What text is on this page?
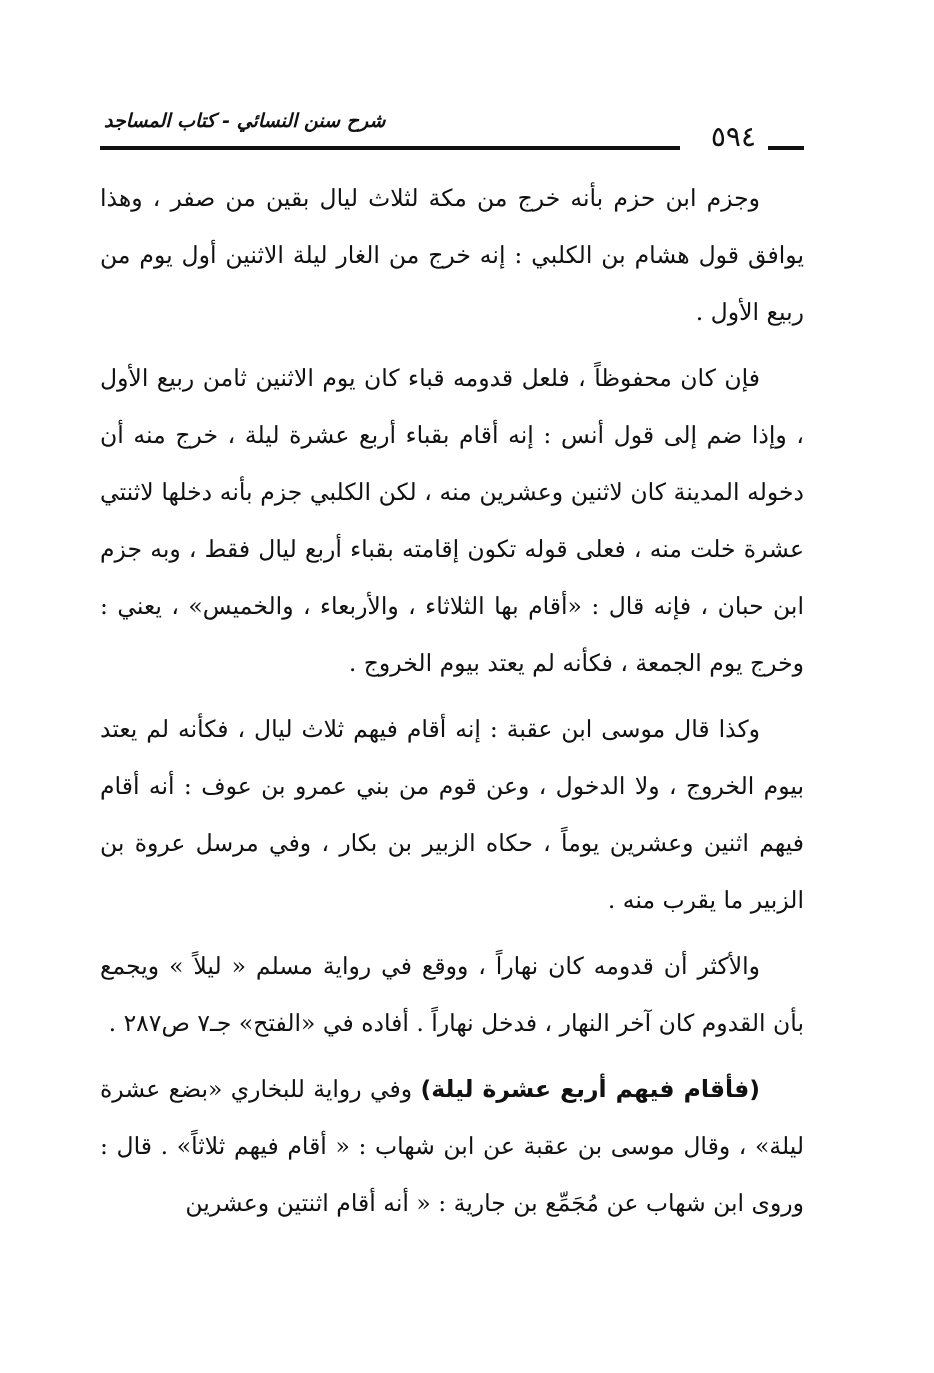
شرح سنن النسائي - كتاب المساجد	٥٩٤

وجزم ابن حزم بأنه خرج من مكة لثلاث ليال بقين من صفر ، وهذا يوافق قول هشام بن الكلبي : إنه خرج من الغار ليلة الاثنين أول يوم من ربيع الأول .

فإن كان محفوظاً ، فلعل قدومه قباء كان يوم الاثنين ثامن ربيع الأول ، وإذا ضم إلى قول أنس : إنه أقام بقباء أربع عشرة ليلة ، خرج منه أن دخوله المدينة كان لاثنين وعشرين منه ، لكن الكلبي جزم بأنه دخلها لاثنتي عشرة خلت منه ، فعلى قوله تكون إقامته بقباء أربع ليال فقط ، وبه جزم ابن حبان ، فإنه قال : «أقام بها الثلاثاء ، والأربعاء ، والخميس» ، يعني : وخرج يوم الجمعة ، فكأنه لم يعتد بيوم الخروج .

وكذا قال موسى ابن عقبة : إنه أقام فيهم ثلاث ليال ، فكأنه لم يعتد بيوم الخروج ، ولا الدخول ، وعن قوم من بني عمرو بن عوف : أنه أقام فيهم اثنين وعشرين يوماً ، حكاه الزبير بن بكار ، وفي مرسل عروة بن الزبير ما يقرب منه .

والأكثر أن قدومه كان نهاراً ، ووقع في رواية مسلم « ليلاً » ويجمع بأن القدوم كان آخر النهار ، فدخل نهاراً . أفاده في «الفتح» جـ٧ ص٢٨٧ .

(فأقام فيهم أربع عشرة ليلة) وفي رواية للبخاري «بضع عشرة ليلة» ، وقال موسى بن عقبة عن ابن شهاب : « أقام فيهم ثلاثاً» . قال : وروى ابن شهاب عن مُجَمِّع بن جارية : « أنه أقام اثنتين وعشرين
